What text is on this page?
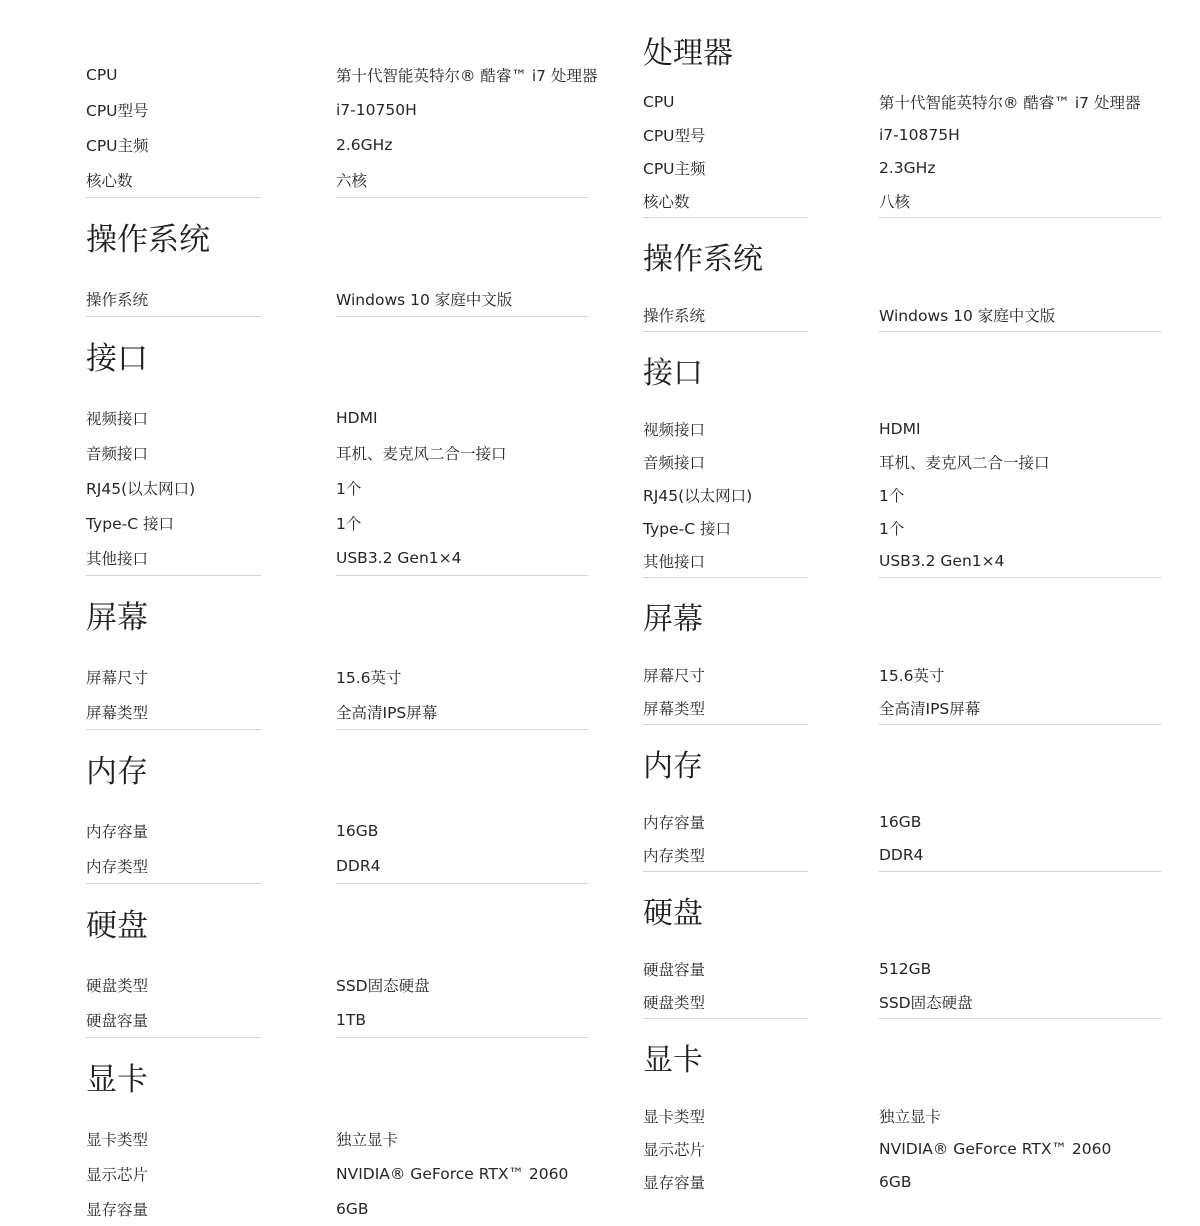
CPU	第十代智能英特尔® 酷睿™ i7 处理器
CPU型号	i7-10750H
CPU主频	2.6GHz
核心数	六核
操作系统
操作系统	Windows 10 家庭中文版
接口
视频接口	HDMI
音频接口	耳机、麦克风二合一接口
RJ45(以太网口)	1个
Type-C 接口	1个
其他接口	USB3.2 Gen1×4
屏幕
屏幕尺寸	15.6英寸
屏幕类型	全高清IPS屏幕
内存
内存容量	16GB
内存类型	DDR4
硬盘
硬盘类型	SSD固态硬盘
硬盘容量	1TB
显卡
显卡类型	独立显卡
显示芯片	NVIDIA® GeForce RTX™ 2060
显存容量	6GB
处理器
CPU	第十代智能英特尔® 酷睿™ i7 处理器
CPU型号	i7-10875H
CPU主频	2.3GHz
核心数	八核
操作系统
操作系统	Windows 10 家庭中文版
接口
视频接口	HDMI
音频接口	耳机、麦克风二合一接口
RJ45(以太网口)	1个
Type-C 接口	1个
其他接口	USB3.2 Gen1×4
屏幕
屏幕尺寸	15.6英寸
屏幕类型	全高清IPS屏幕
内存
内存容量	16GB
内存类型	DDR4
硬盘
硬盘容量	512GB
硬盘类型	SSD固态硬盘
显卡
显卡类型	独立显卡
显示芯片	NVIDIA® GeForce RTX™ 2060
显存容量	6GB
